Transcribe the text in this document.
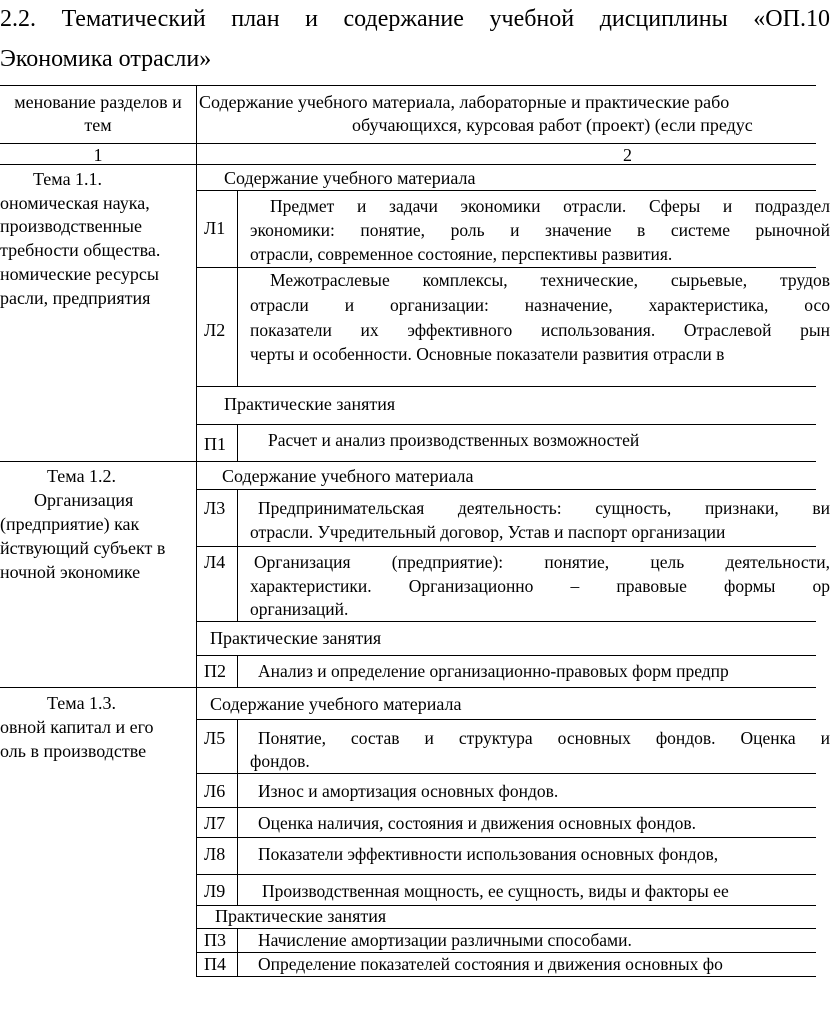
2.2. Тематический план и содержание учебной дисциплины «ОП.10
Экономика отрасли»
менование разделов и
тем
Содержание учебного материала, лабораторные и практические рабо
обучающихся, курсовая работ (проект) (если предус
1	2
Тема 1.1.
ономическая наука,
производственные
требности общества.
номические ресурсы
расли, предприятия
Содержание учебного материала
Л1
Предмет и задачи экономики отрасли. Сферы и подраздел
экономики: понятие, роль и значение в системе рыночной
отрасли, современное состояние, перспективы развития.
Л2
Межотраслевые комплексы, технические, сырьевые, трудов
отрасли и организации: назначение, характеристика, осо
показатели их эффективного использования. Отраслевой рын
черты и особенности. Основные показатели развития отрасли в
Практические занятия
П1 Расчет и анализ производственных возможностей
Тема 1.2.
Организация
(предприятие) как
йствующий субъект в
ночной экономике
Содержание учебного материала
Л3 Предпринимательская деятельность: сущность, признаки, ви
отрасли. Учредительный договор, Устав и паспорт организации
Л4 Организация (предприятие): понятие, цель деятельности,
характеристики. Организационно – правовые формы ор
организаций.
Практические занятия
П2 Анализ и определение организационно-правовых форм предпр
Тема 1.3.
овной капитал и его
оль в производстве
Содержание учебного материала
Л5 Понятие, состав и структура основных фондов. Оценка и
фондов.
Л6 Износ и амортизация основных фондов.
Л7 Оценка наличия, состояния и движения основных фондов.
Л8 Показатели эффективности использования основных фондов,
Л9 Производственная мощность, ее сущность, виды и факторы ее
Практические занятия
П3 Начисление амортизации различными способами.
П4 Определение показателей состояния и движения основных фо
